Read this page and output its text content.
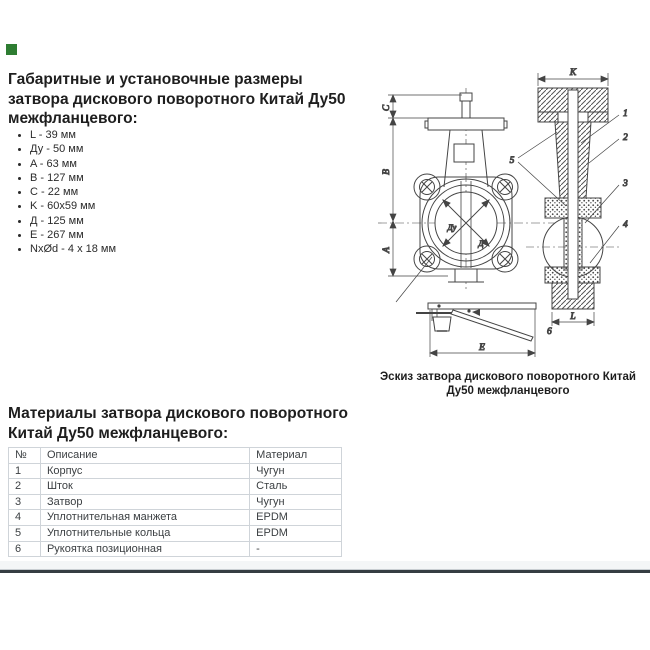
Габаритные и установочные размеры затвора дискового поворотного Китай Ду50 межфланцевого:
• L - 39 мм
• Ду - 50 мм
• A - 63 мм
• B - 127 мм
• C - 22 мм
• K - 60x59 мм
• Д - 125 мм
• E - 267 мм
• NxØd - 4 x 18 мм
Ду
Д
C
B
A
K
L
5
1
2
3
4
E
6
Эскиз затвора дискового поворотного Китай Ду50 межфланцевого
Материалы затвора дискового поворотного Китай Ду50 межфланцевого:
№	Описание	Материал
1	Корпус	Чугун
2	Шток	Сталь
3	Затвор	Чугун
4	Уплотнительная манжета	EPDM
5	Уплотнительные кольца	EPDM
6	Рукоятка позиционная	-
